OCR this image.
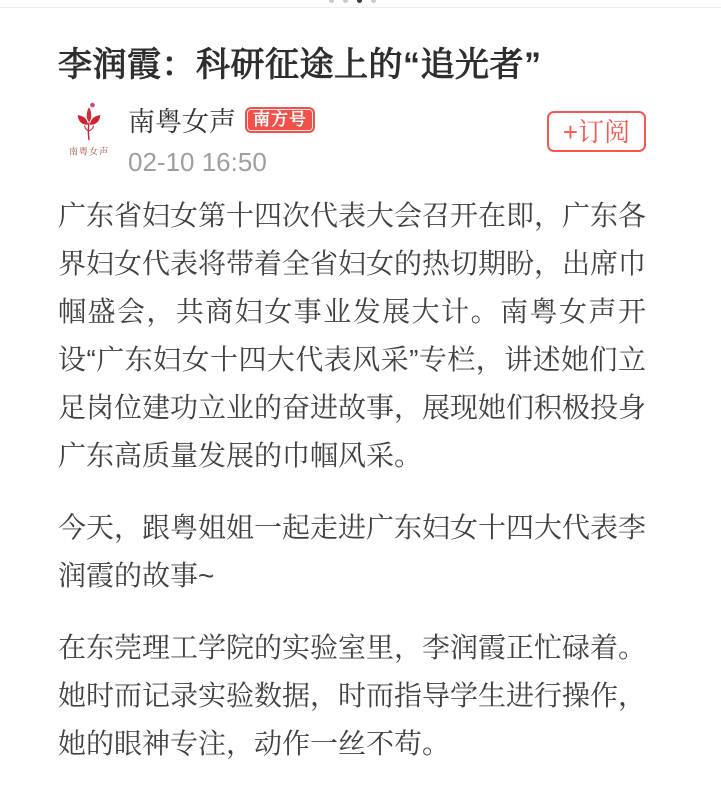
李润霞：科研征途上的“追光者”
南粤女声
南粤女声	南方号
02-10 16:50
+订阅

广东省妇女第十四次代表大会召开在即，广东各界妇女代表将带着全省妇女的热切期盼，出席巾帼盛会，共商妇女事业发展大计。南粤女声开设“广东妇女十四大代表风采”专栏，讲述她们立足岗位建功立业的奋进故事，展现她们积极投身广东高质量发展的巾帼风采。

今天，跟粤姐姐一起走进广东妇女十四大代表李润霞的故事~

在东莞理工学院的实验室里，李润霞正忙碌着。她时而记录实验数据，时而指导学生进行操作，她的眼神专注，动作一丝不苟。
